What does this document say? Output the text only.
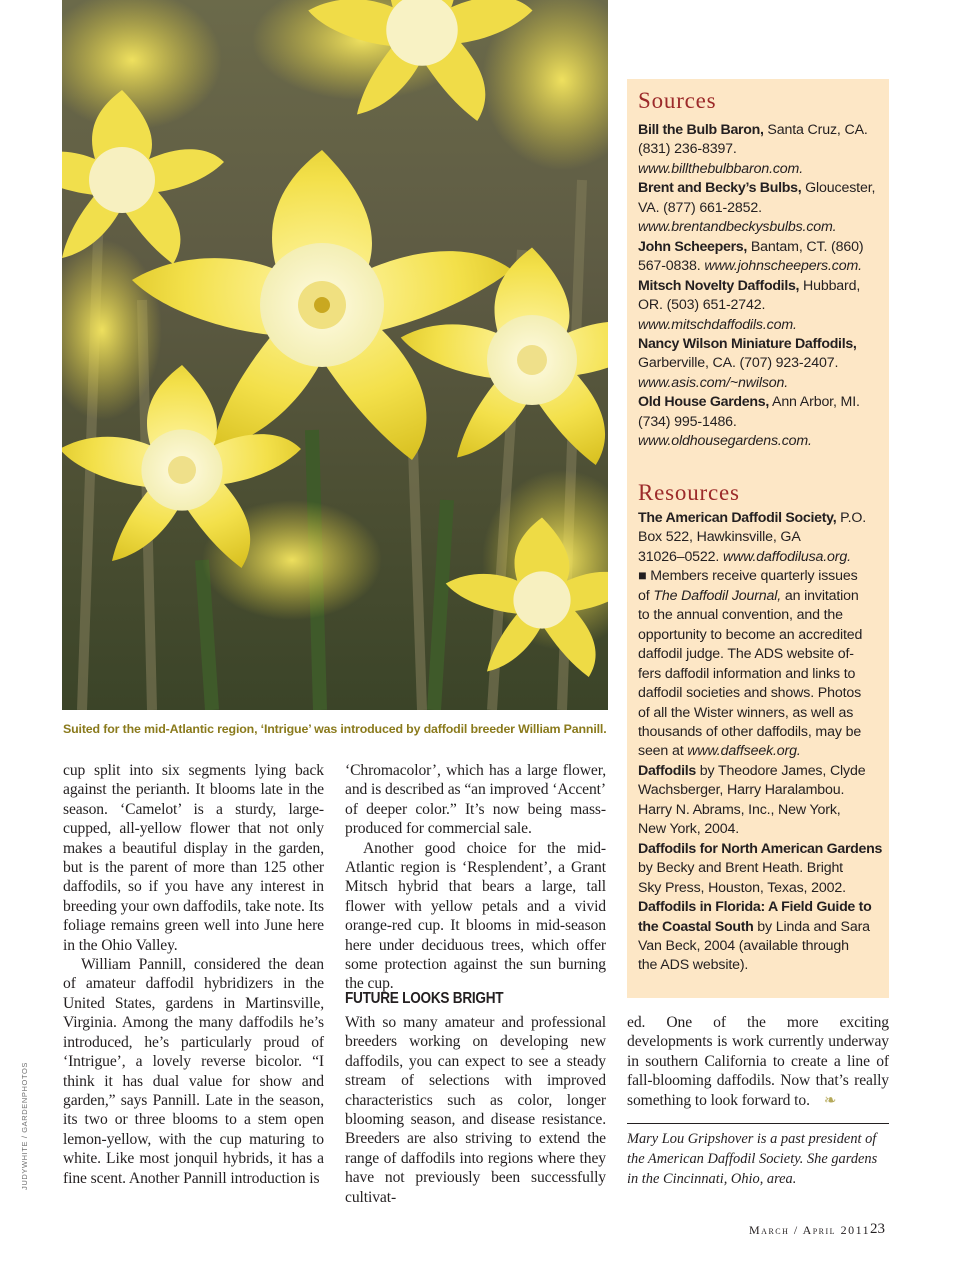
JUDYWHITE / GARDENPHOTOS
Suited for the mid-Atlantic region, ‘Intrigue’ was introduced by daffodil breeder William Pannill.

cup split into six segments lying back against the perianth. It blooms late in the season. ‘Camelot’ is a sturdy, large-cupped, all-yellow flower that not only makes a beautiful display in the garden, but is the parent of more than 125 other daffodils, so if you have any interest in breeding your own daffodils, take note. Its foliage remains green well into June here in the Ohio Valley.

William Pannill, considered the dean of amateur daffodil hybridizers in the United States, gardens in Martinsville, Virginia. Among the many daffodils he’s introduced, he’s particularly proud of ‘Intrigue’, a lovely reverse bicolor. “I think it has dual value for show and garden,” says Pannill. Late in the season, its two or three blooms to a stem open lemon-yellow, with the cup maturing to white. Like most jonquil hybrids, it has a fine scent. Another Pannill introduction is

‘Chromacolor’, which has a large flower, and is described as “an improved ‘Accent’ of deeper color.” It’s now being mass-produced for commercial sale.

Another good choice for the mid-Atlantic region is ‘Resplendent’, a Grant Mitsch hybrid that bears a large, tall flower with yellow petals and a vivid orange-red cup. It blooms in mid-season here under deciduous trees, which offer some protection against the sun burning the cup.

FUTURE LOOKS BRIGHT

With so many amateur and professional breeders working on developing new daffodils, you can expect to see a steady stream of selections with improved characteristics such as color, longer blooming season, and disease resistance. Breeders are also striving to extend the range of daffodils into regions where they have not previously been successfully cultivat-

ed. One of the more exciting developments is work currently underway in southern California to create a line of fall-blooming daffodils. Now that’s really something to look forward to. ❧

Mary Lou Gripshover is a past president of the American Daffodil Society. She gardens in the Cincinnati, Ohio, area.
Sources
Bill the Bulb Baron, Santa Cruz, CA.
(831) 236-8397.
www.billthebulbbaron.com.
Brent and Becky’s Bulbs, Gloucester,
VA. (877) 661-2852.
www.brentandbeckysbulbs.com.
John Scheepers, Bantam, CT. (860)
567-0838. www.johnscheepers.com.
Mitsch Novelty Daffodils, Hubbard,
OR. (503) 651-2742.
www.mitschdaffodils.com.
Nancy Wilson Miniature Daffodils,
Garberville, CA. (707) 923-2407.
www.asis.com/~nwilson.
Old House Gardens, Ann Arbor, MI.
(734) 995-1486.
www.oldhousegardens.com.
Resources
The American Daffodil Society, P.O.
Box 522, Hawkinsville, GA
31026–0522. www.daffodilusa.org.
■ Members receive quarterly issues
of The Daffodil Journal, an invitation
to the annual convention, and the
opportunity to become an accredited
daffodil judge. The ADS website of-
fers daffodil information and links to
daffodil societies and shows. Photos
of all the Wister winners, as well as
thousands of other daffodils, may be
seen at www.daffseek.org.
Daffodils by Theodore James, Clyde
Wachsberger, Harry Haralambou.
Harry N. Abrams, Inc., New York,
New York, 2004.
Daffodils for North American Gardens
by Becky and Brent Heath. Bright
Sky Press, Houston, Texas, 2002.
Daffodils in Florida: A Field Guide to
the Coastal South by Linda and Sara
Van Beck, 2004 (available through
the ADS website).
March / April 2011 23
